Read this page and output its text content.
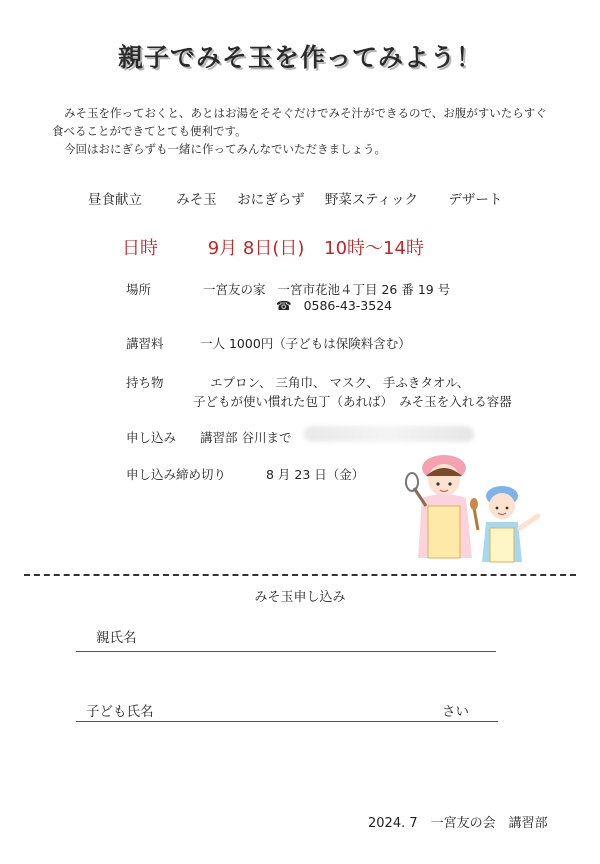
親子でみそ玉を作ってみよう！
みそ玉を作っておくと、あとはお湯をそそぐだけでみそ汁ができるので、お腹がすいたらすぐ
食べることができてとても便利です。
今回はおにぎらずも一緒に作ってみんなでいただきましょう。
昼食献立	みそ玉 おにぎらず 野菜スティック デザート
日時	9月 8日(日) 10時～14時
場所	一宮友の家 一宮市花池４丁目 26 番 19 号
☎ 0586-43-3524
講習料	一人 1000円（子どもは保険料含む）
持ち物	エプロン、 三角巾、 マスク、 手ふきタオル、
子どもが使い慣れた包丁（あれば）　みそ玉を入れる容器
申し込み 講習部 谷川まで
申し込み締め切り	8 月 23 日（金）
みそ玉申し込み
親氏名
子ども氏名	さい
2024. 7　一宮友の会　講習部
